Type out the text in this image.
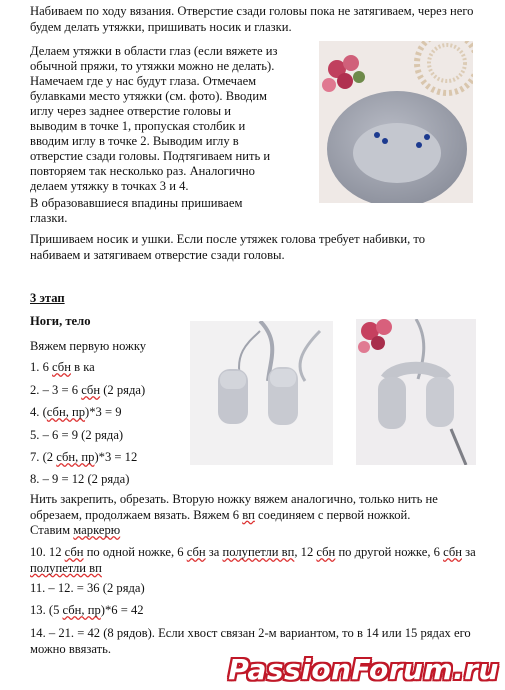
Набиваем по ходу вязания. Отверстие сзади головы пока не затягиваем, через него будем делать утяжки, пришивать носик и глазки.

Делаем утяжки в области глаз (если вяжете из

обычной пряжи, то утяжки можно не делать).

Намечаем где у нас будут глаза. Отмечаем

булавками место утяжки (см. фото). Вводим

иглу через заднее отверстие головы и

выводим в точке 1, пропуская столбик и

вводим иглу в точке 2. Выводим иглу в

отверстие сзади головы. Подтягиваем нить и

повторяем так несколько раз. Аналогично

делаем утяжку в точках 3 и 4.

В образовавшиеся впадины пришиваем

глазки.

Пришиваем носик и ушки. Если после утяжек голова требует набивки, то набиваем и затягиваем отверстие сзади головы.

3 этап

Ноги, тело

Вяжем первую ножку

1. 6 сбн в ка

2. – 3 = 6 сбн (2 ряда)

4. (сбн, пр)*3 = 9

5. – 6 = 9 (2 ряда)

7. (2 сбн, пр)*3 = 12

8. – 9 = 12 (2 ряда)

Нить закрепить, обрезать. Вторую ножку вяжем аналогично, только нить не обрезаем, продолжаем вязать. Вяжем 6 вп соединяем с первой ножкой.

Ставим маркерю

10. 12 сбн по одной ножке, 6 сбн за полупетли вп, 12 сбн по другой ножке, 6 сбн за полупетли вп

11. – 12. = 36 (2 ряда)

13. (5 сбн, пр)*6 = 42

14. – 21. = 42 (8 рядов). Если хвост связан 2-м вариантом, то в 14 или 15 рядах его можно ввязать.

PassionForum.ru
